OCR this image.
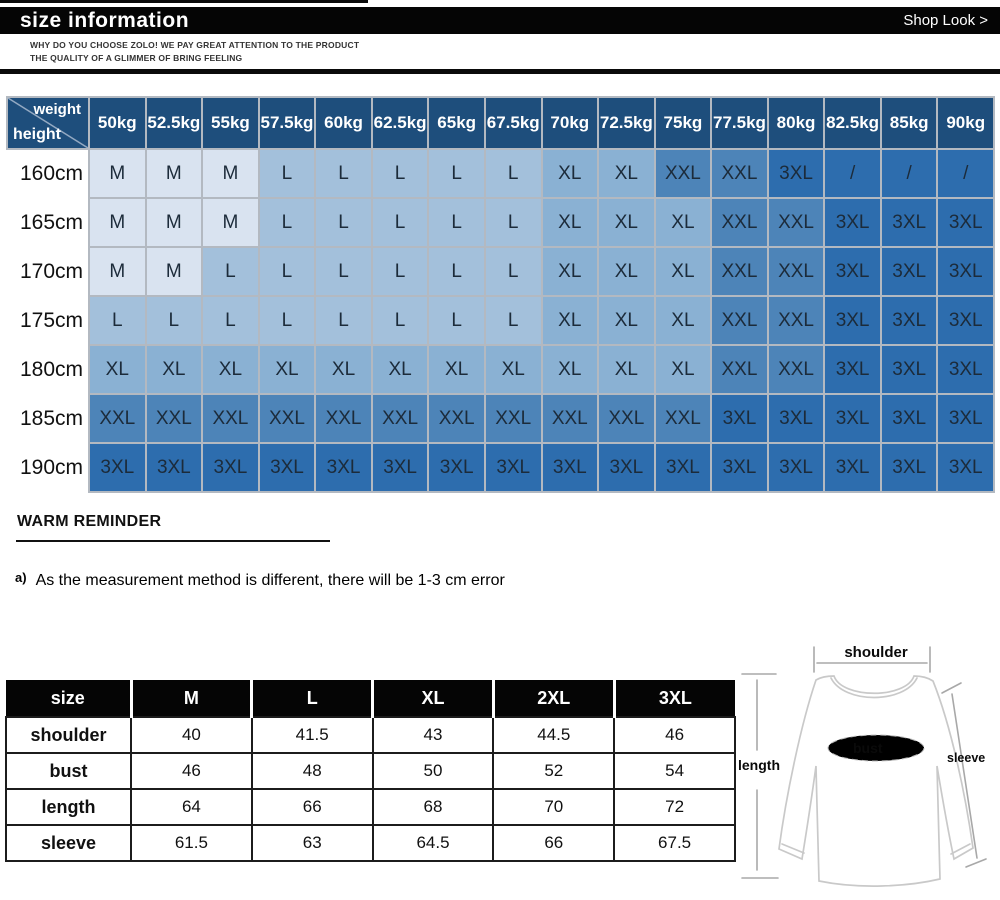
size information	Shop Look >
WHY DO YOU CHOOSE ZOLO! WE PAY GREAT ATTENTION TO THE PRODUCT
THE QUALITY OF A GLIMMER OF BRING FEELING
weight
height	50kg	52.5kg	55kg	57.5kg	60kg	62.5kg	65kg	67.5kg	70kg	72.5kg	75kg	77.5kg	80kg	82.5kg	85kg	90kg
160cm	M	M	M	L	L	L	L	L	XL	XL	XXL	XXL	3XL	/	/	/
165cm	M	M	M	L	L	L	L	L	XL	XL	XL	XXL	XXL	3XL	3XL	3XL
170cm	M	M	L	L	L	L	L	L	XL	XL	XL	XXL	XXL	3XL	3XL	3XL
175cm	L	L	L	L	L	L	L	L	XL	XL	XL	XXL	XXL	3XL	3XL	3XL
180cm	XL	XL	XL	XL	XL	XL	XL	XL	XL	XL	XL	XXL	XXL	3XL	3XL	3XL
185cm	XXL	XXL	XXL	XXL	XXL	XXL	XXL	XXL	XXL	XXL	XXL	3XL	3XL	3XL	3XL	3XL
190cm	3XL	3XL	3XL	3XL	3XL	3XL	3XL	3XL	3XL	3XL	3XL	3XL	3XL	3XL	3XL	3XL
WARM REMINDER
a) As the measurement method is different, there will be 1-3 cm error
size	M	L	XL	2XL	3XL
shoulder	40	41.5	43	44.5	46
bust	46	48	50	52	54
length	64	66	68	70	72
sleeve	61.5	63	64.5	66	67.5
shoulder
length
bust
sleeve
